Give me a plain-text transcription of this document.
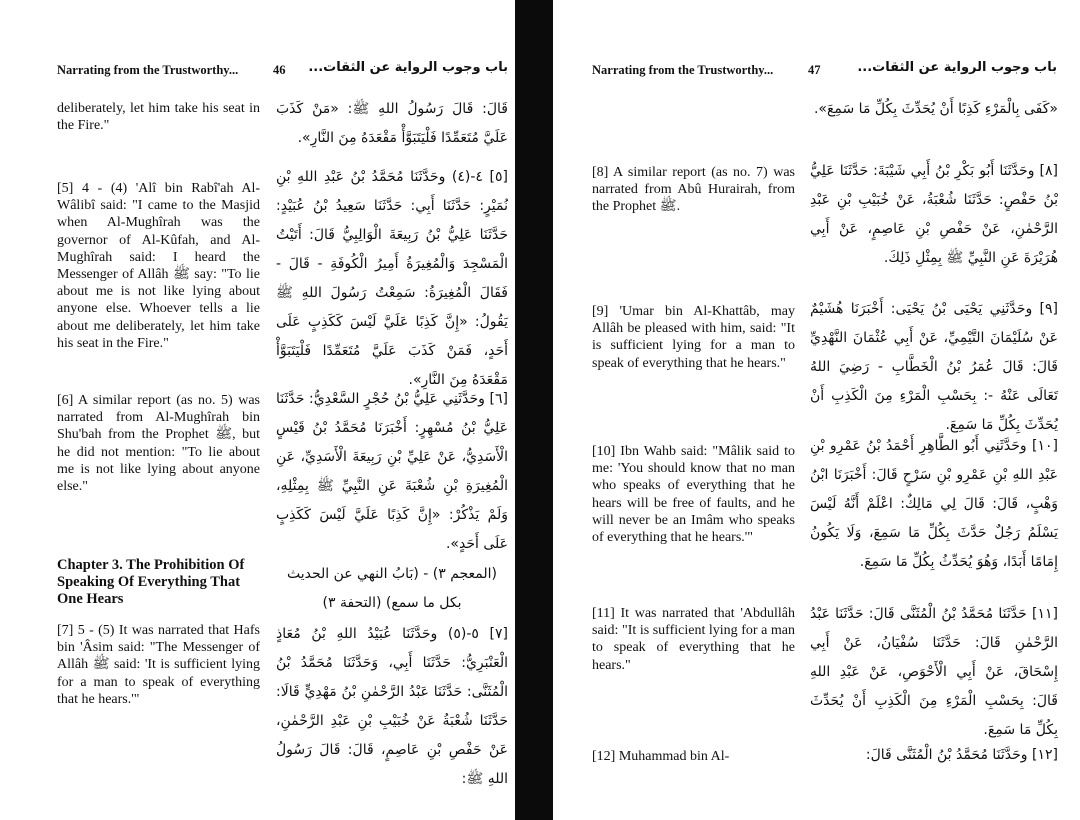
Narrating from the Trustworthy...	46 باب وجوب الرواية عن الثقات...

deliberately, let him take his seat in the Fire."

[5] 4 - (4) 'Alî bin Rabî'ah Al-Wâlibî said: "I came to the Masjid when Al-Mughîrah was the governor of Al-Kûfah, and Al-Mughîrah said: I heard the Messenger of Allâh ﷺ say: "To lie about me is not like lying about anyone else. Whoever tells a lie about me deliberately, let him take his seat in the Fire."

[6] A similar report (as no. 5) was narrated from Al-Mughîrah bin Shu'bah from the Prophet ﷺ, but he did not mention: "To lie about me is not like lying about anyone else."

Chapter 3. The Prohibition Of Speaking Of Everything That One Hears

[7] 5 - (5) It was narrated that Hafs bin 'Âsim said: "The Messenger of Allâh ﷺ said: 'It is sufficient lying for a man to speak of everything that he hears.'"

قَالَ: قَالَ رَسُولُ اللهِ ﷺ: «مَنْ كَذَبَ عَلَيَّ مُتَعَمِّدًا فَلْيَتَبَوَّأْ مَقْعَدَهُ مِنَ النَّارِ».

[٥] ٤-(٤) وحَدَّثَنَا مُحَمَّدُ بْنُ عَبْدِ اللهِ بْنِ نُمَيْرٍ: حَدَّثَنَا أَبِي: حَدَّثَنَا سَعِيدُ بْنُ عُبَيْدٍ: حَدَّثَنَا عَلِيُّ بْنُ رَبِيعَةَ الْوَالِبِيُّ قَالَ: أَتَيْتُ الْمَسْجِدَ وَالْمُغِيرَةُ أَمِيرُ الْكُوفَةِ - قَالَ - فَقَالَ الْمُغِيرَةُ: سَمِعْتُ رَسُولَ اللهِ ﷺ يَقُولُ: «إِنَّ كَذِبًا عَلَيَّ لَيْسَ كَكَذِبٍ عَلَى أَحَدٍ، فَمَنْ كَذَبَ عَلَيَّ مُتَعَمِّدًا فَلْيَتَبَوَّأْ مَقْعَدَهُ مِنَ النَّارِ».

[٦] وحَدَّثَنِي عَلِيُّ بْنُ حُجْرٍ السَّعْدِيُّ: حَدَّثَنَا عَلِيُّ بْنُ مُسْهِرٍ: أَخْبَرَنَا مُحَمَّدُ بْنُ قَيْسٍ الْأَسَدِيُّ، عَنْ عَلِيِّ بْنِ رَبِيعَةَ الْأَسَدِيِّ، عَنِ الْمُغِيرَةِ بْنِ شُعْبَةَ عَنِ النَّبِيِّ ﷺ بِمِثْلِهِ، وَلَمْ يَذْكُرْ: «إِنَّ كَذِبًا عَلَيَّ لَيْسَ كَكَذِبٍ عَلَى أَحَدٍ».

(المعجم ٣) - (بَابُ النهي عن الحديث بكل ما سمع) (التحفة ٣)

[٧] ٥-(٥) وحَدَّثَنَا عُبَيْدُ اللهِ بْنُ مُعَاذٍ الْعَنْبَرِيُّ: حَدَّثَنَا أَبِي، وَحَدَّثَنَا مُحَمَّدُ بْنُ الْمُثَنَّى: حَدَّثَنَا عَبْدُ الرَّحْمٰنِ بْنُ مَهْدِيٍّ قَالَا: حَدَّثَنَا شُعْبَةُ عَنْ خُبَيْبِ بْنِ عَبْدِ الرَّحْمٰنِ، عَنْ حَفْصِ بْنِ عَاصِمٍ، قَالَ: قَالَ رَسُولُ اللهِ ﷺ:

Narrating from the Trustworthy...	47	باب وجوب الرواية عن الثقات...

[8] A similar report (as no. 7) was narrated from Abû Hurairah, from the Prophet ﷺ.

[9] 'Umar bin Al-Khattâb, may Allâh be pleased with him, said: "It is sufficient lying for a man to speak of everything that he hears."

[10] Ibn Wahb said: "Mâlik said to me: 'You should know that no man who speaks of everything that he hears will be free of faults, and he will never be an Imâm who speaks of everything that he hears.'"

[11] It was narrated that 'Abdullâh said: "It is sufficient lying for a man to speak of everything that he hears."

[12] Muhammad bin Al-

«كَفَى بِالْمَرْءِ كَذِبًا أَنْ يُحَدِّثَ بِكُلِّ مَا سَمِعَ».

[٨] وحَدَّثَنَا أَبُو بَكْرِ بْنُ أَبِي شَيْبَةَ: حَدَّثَنَا عَلِيُّ بْنُ حَفْصٍ: حَدَّثَنَا شُعْبَةُ، عَنْ خُبَيْبِ بْنِ عَبْدِ الرَّحْمٰنِ، عَنْ حَفْصِ بْنِ عَاصِمٍ، عَنْ أَبِي هُرَيْرَةَ عَنِ النَّبِيِّ ﷺ بِمِثْلِ ذَلِكَ.

[٩] وحَدَّثَنِي يَحْيَى بْنُ يَحْيَى: أَخْبَرَنَا هُشَيْمٌ عَنْ سُلَيْمَانَ التَّيْمِيِّ، عَنْ أَبِي عُثْمَانَ النَّهْدِيِّ قَالَ: قَالَ عُمَرُ بْنُ الْخَطَّابِ - رَضِيَ اللهُ تَعَالَى عَنْهُ -: بِحَسْبِ الْمَرْءِ مِنَ الْكَذِبِ أَنْ يُحَدِّثَ بِكُلِّ مَا سَمِعَ.

[١٠] وحَدَّثَنِي أَبُو الطَّاهِرِ أَحْمَدُ بْنُ عَمْرِو بْنِ عَبْدِ اللهِ بْنِ عَمْرِو بْنِ سَرْحٍ قَالَ: أَخْبَرَنَا ابْنُ وَهْبٍ، قَالَ: قَالَ لِي مَالِكٌ: اعْلَمْ أَنَّهُ لَيْسَ يَسْلَمُ رَجُلٌ حَدَّثَ بِكُلِّ مَا سَمِعَ، وَلَا يَكُونُ إِمَامًا أَبَدًا، وَهُوَ يُحَدِّثُ بِكُلِّ مَا سَمِعَ.

[١١] حَدَّثَنَا مُحَمَّدُ بْنُ الْمُثَنَّى قَالَ: حَدَّثَنَا عَبْدُ الرَّحْمٰنِ قَالَ: حَدَّثَنَا سُفْيَانُ، عَنْ أَبِي إِسْحَاقَ، عَنْ أَبِي الْأَحْوَصِ، عَنْ عَبْدِ اللهِ قَالَ: بِحَسْبِ الْمَرْءِ مِنَ الْكَذِبِ أَنْ يُحَدِّثَ بِكُلِّ مَا سَمِعَ.

[١٢] وحَدَّثَنَا مُحَمَّدُ بْنُ الْمُثَنَّى قَالَ:
